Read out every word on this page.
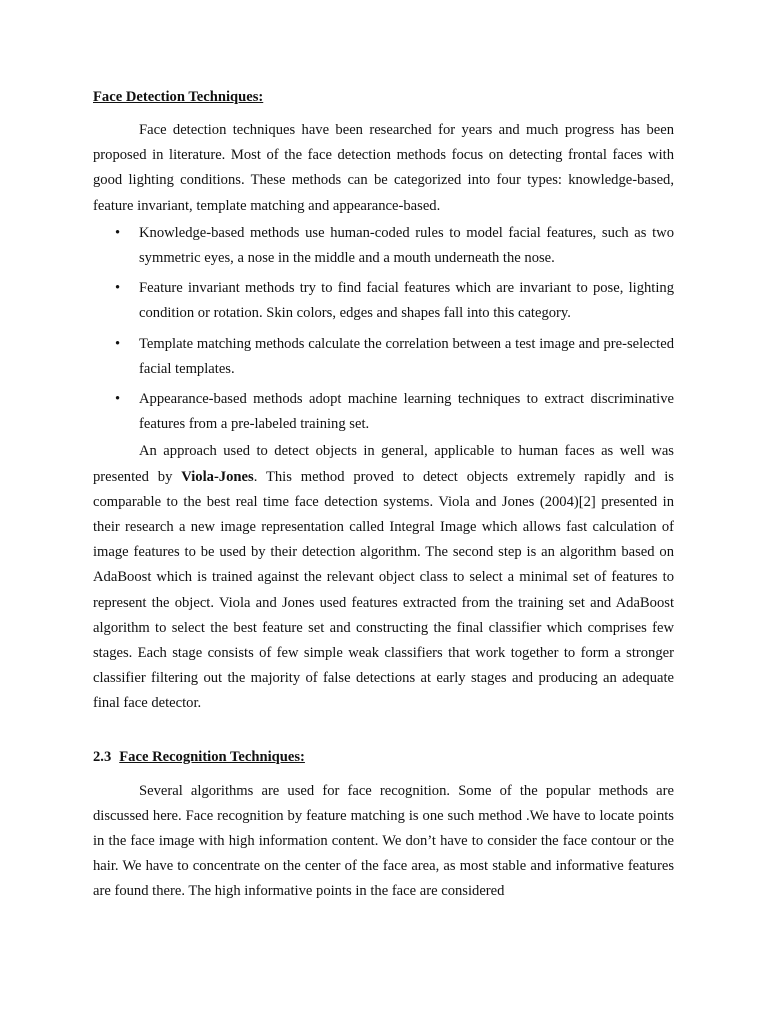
Face Detection Techniques:

Face detection techniques have been researched for years and much progress has been proposed in literature. Most of the face detection methods focus on detecting frontal faces with good lighting conditions. These methods can be categorized into four types: knowledge-based, feature invariant, template matching and appearance-based.

• Knowledge-based methods use human-coded rules to model facial features, such as two symmetric eyes, a nose in the middle and a mouth underneath the nose.
• Feature invariant methods try to find facial features which are invariant to pose, lighting condition or rotation. Skin colors, edges and shapes fall into this category.
• Template matching methods calculate the correlation between a test image and pre-selected facial templates.
• Appearance-based methods adopt machine learning techniques to extract discriminative features from a pre-labeled training set.

An approach used to detect objects in general, applicable to human faces as well was presented by Viola-Jones. This method proved to detect objects extremely rapidly and is comparable to the best real time face detection systems. Viola and Jones (2004)[2] presented in their research a new image representation called Integral Image which allows fast calculation of image features to be used by their detection algorithm. The second step is an algorithm based on AdaBoost which is trained against the relevant object class to select a minimal set of features to represent the object. Viola and Jones used features extracted from the training set and AdaBoost algorithm to select the best feature set and constructing the final classifier which comprises few stages. Each stage consists of few simple weak classifiers that work together to form a stronger classifier filtering out the majority of false detections at early stages and producing an adequate final face detector.

2.3 Face Recognition Techniques:

Several algorithms are used for face recognition. Some of the popular methods are discussed here. Face recognition by feature matching is one such method .We have to locate points in the face image with high information content. We don’t have to consider the face contour or the hair. We have to concentrate on the center of the face area, as most stable and informative features are found there. The high informative points in the face are considered
